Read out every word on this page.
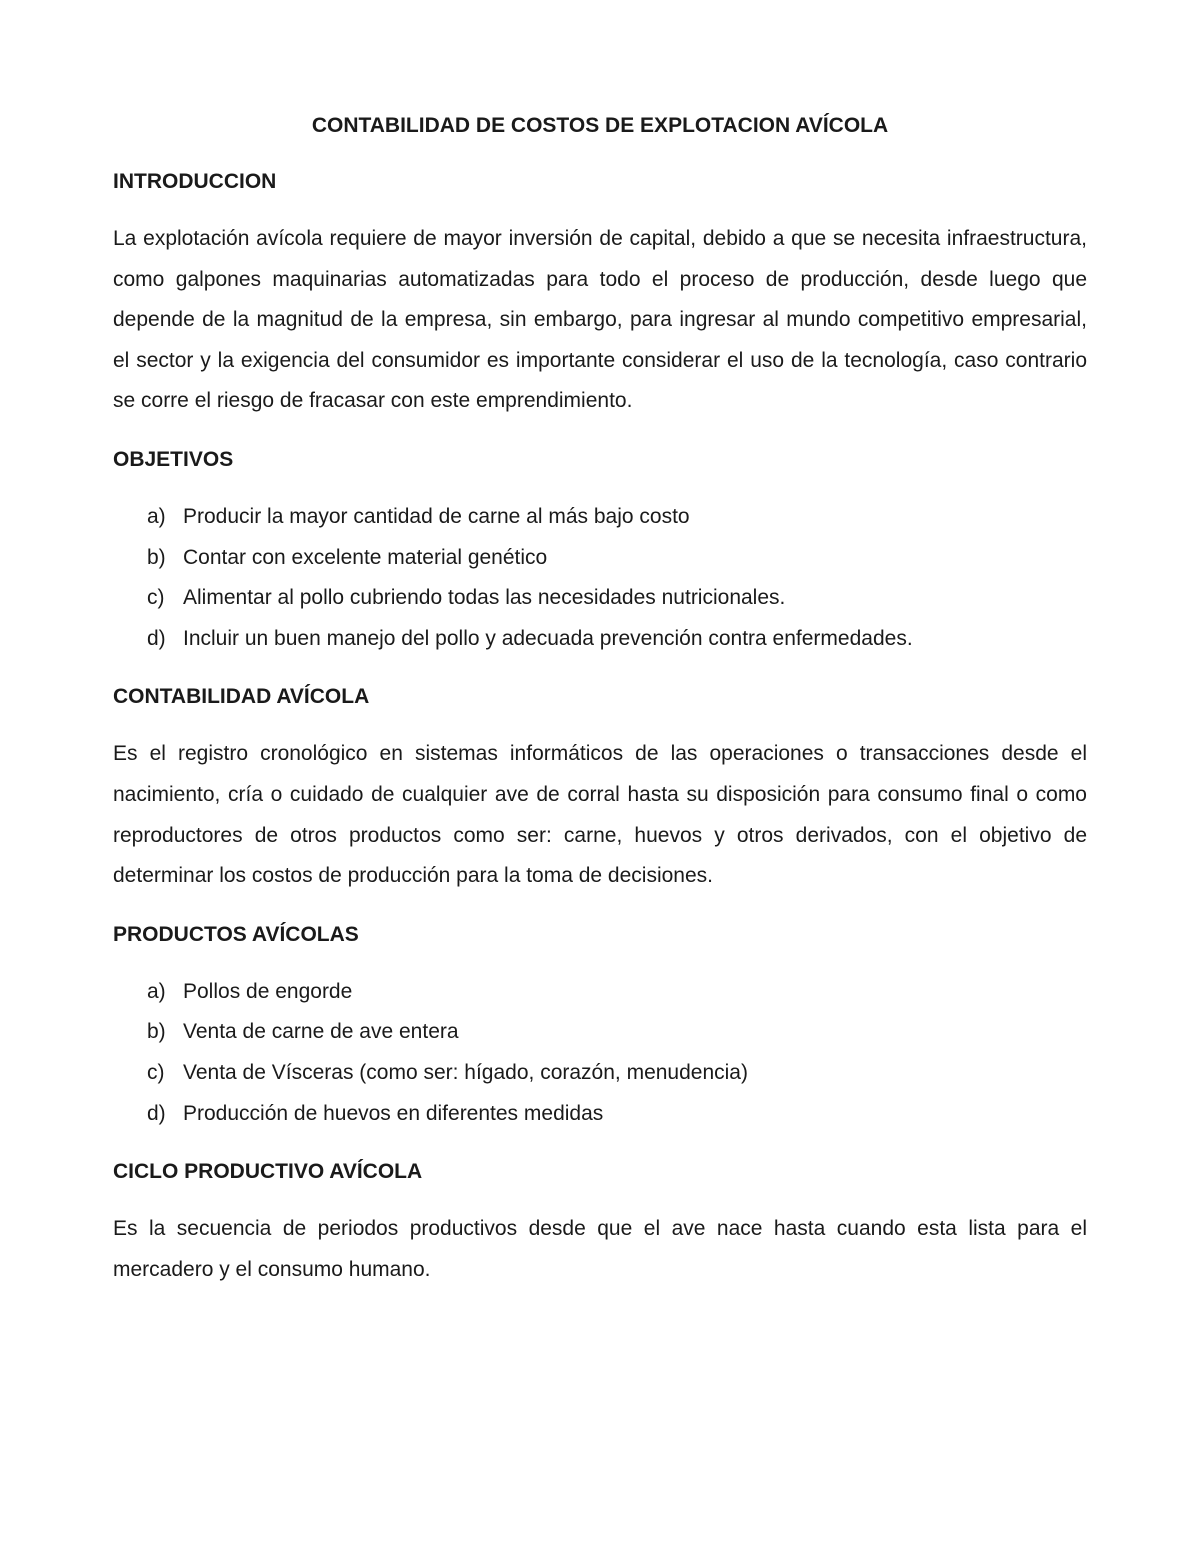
CONTABILIDAD DE COSTOS DE EXPLOTACION AVÍCOLA
INTRODUCCION

La explotación avícola requiere de mayor inversión de capital, debido a que se necesita infraestructura, como galpones maquinarias automatizadas para todo el proceso de producción, desde luego que depende de la magnitud de la empresa, sin embargo, para ingresar al mundo competitivo empresarial, el sector y la exigencia del consumidor es importante considerar el uso de la tecnología, caso contrario se corre el riesgo de fracasar con este emprendimiento.

OBJETIVOS
a) Producir la mayor cantidad de carne al más bajo costo
b) Contar con excelente material genético
c) Alimentar al pollo cubriendo todas las necesidades nutricionales.
d) Incluir un buen manejo del pollo y adecuada prevención contra enfermedades.
CONTABILIDAD AVÍCOLA

Es el registro cronológico en sistemas informáticos de las operaciones o transacciones desde el nacimiento, cría o cuidado de cualquier ave de corral hasta su disposición para consumo final o como reproductores de otros productos como ser: carne, huevos y otros derivados, con el objetivo de determinar los costos de producción para la toma de decisiones.

PRODUCTOS AVÍCOLAS
a) Pollos de engorde
b) Venta de carne de ave entera
c) Venta de Vísceras (como ser: hígado, corazón, menudencia)
d) Producción de huevos en diferentes medidas
CICLO PRODUCTIVO AVÍCOLA

Es la secuencia de periodos productivos desde que el ave nace hasta cuando esta lista para el mercadero y el consumo humano.
